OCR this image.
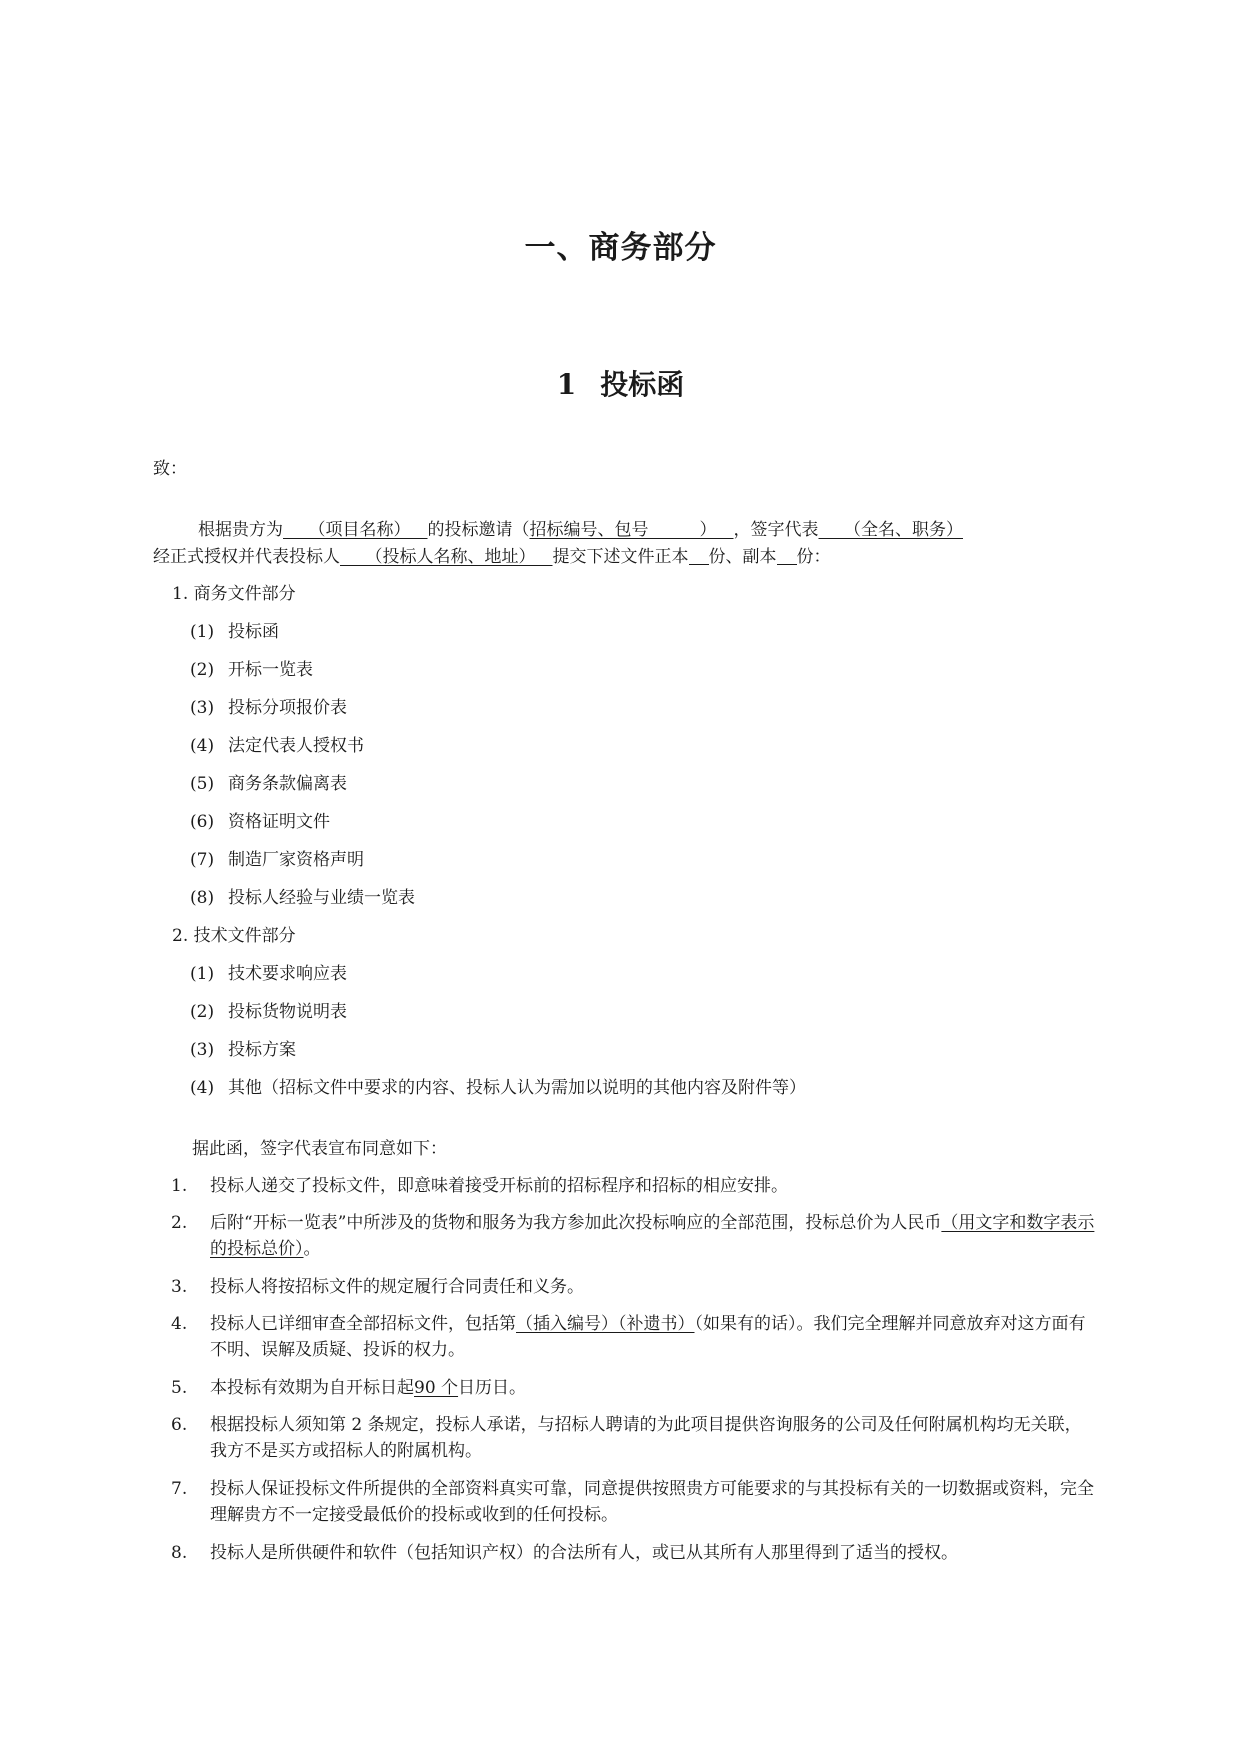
一、商务部分
1 投标函
致：
根据贵方为   （项目名称）  的投标邀请（招标编号、包号   	）  ，签字代表   （全名、职务）
经正式授权并代表投标人   （投标人名称、地址）  提交下述文件正本 份、副本 份：
1. 商务文件部分
(1) 投标函
(2) 开标一览表
(3) 投标分项报价表
(4) 法定代表人授权书
(5) 商务条款偏离表
(6) 资格证明文件
(7) 制造厂家资格声明
(8) 投标人经验与业绩一览表
2. 技术文件部分
(1) 技术要求响应表
(2) 投标货物说明表
(3) 投标方案
(4) 其他（招标文件中要求的内容、投标人认为需加以说明的其他内容及附件等）
据此函，签字代表宣布同意如下：
1. 投标人递交了投标文件，即意味着接受开标前的招标程序和招标的相应安排。
2. 后附“开标一览表”中所涉及的货物和服务为我方参加此次投标响应的全部范围，投标总价为人民币（用文字和数字表示的投标总价）。
3. 投标人将按招标文件的规定履行合同责任和义务。
4. 投标人已详细审查全部招标文件，包括第（插入编号）（补遗书）（如果有的话）。我们完全理解并同意放弃对这方面有不明、误解及质疑、投诉的权力。
5. 本投标有效期为自开标日起90 个日历日。
6. 根据投标人须知第 2 条规定，投标人承诺，与招标人聘请的为此项目提供咨询服务的公司及任何附属机构均无关联，我方不是买方或招标人的附属机构。
7. 投标人保证投标文件所提供的全部资料真实可靠，同意提供按照贵方可能要求的与其投标有关的一切数据或资料，完全理解贵方不一定接受最低价的投标或收到的任何投标。
8. 投标人是所供硬件和软件（包括知识产权）的合法所有人，或已从其所有人那里得到了适当的授权。
